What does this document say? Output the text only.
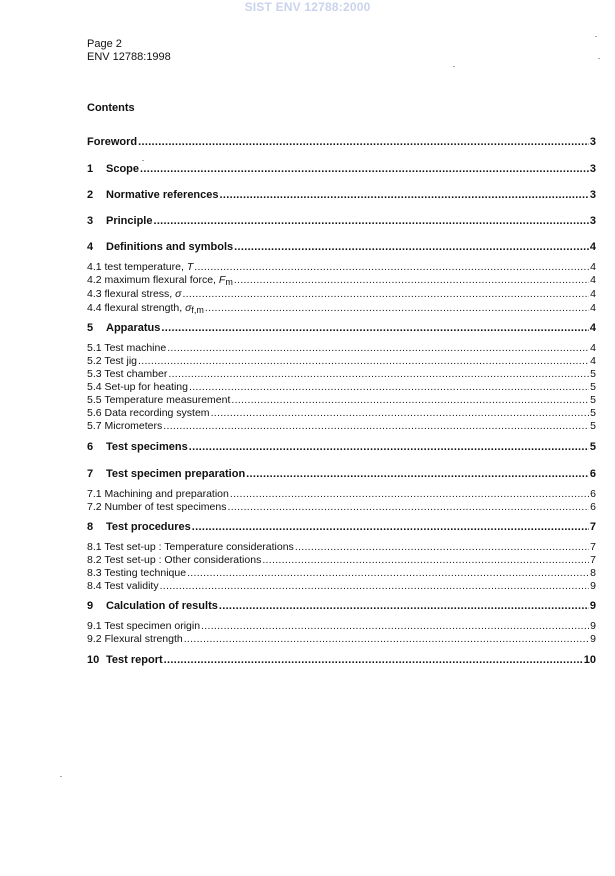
SIST ENV 12788:2000
Page 2
ENV 12788:1998
Contents
Foreword .....	3
1	Scope .....	3
2	Normative references .....	3
3	Principle .....	3
4	Definitions and symbols .....	4
4.1 test temperature, T .....	4
4.2 maximum flexural force, Fm .....	4
4.3 flexural stress, σ .....	4
4.4 flexural strength, σf,m .....	4
5	Apparatus .....	4
5.1 Test machine .....	4
5.2 Test jig .....	4
5.3 Test chamber .....	5
5.4 Set-up for heating .....	5
5.5 Temperature measurement .....	5
5.6 Data recording system .....	5
5.7 Micrometers .....	5
6	Test specimens .....	5
7	Test specimen preparation .....	6
7.1 Machining and preparation .....	6
7.2 Number of test specimens .....	6
8	Test procedures .....	7
8.1 Test set-up : Temperature considerations .....	7
8.2 Test set-up : Other considerations .....	7
8.3 Testing technique .....	8
8.4 Test validity .....	9
9	Calculation of results .....	9
9.1 Test specimen origin .....	9
9.2 Flexural strength .....	9
10 Test report .....	10
